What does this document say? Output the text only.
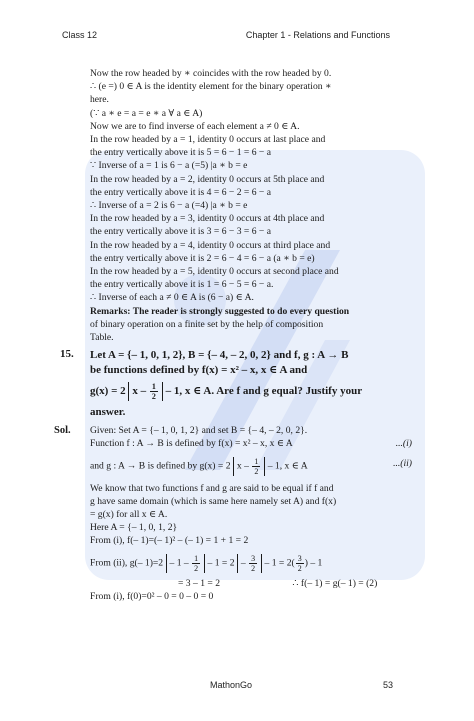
Class 12	Chapter 1 - Relations and Functions

Now the row headed by ∗ coincides with the row headed by 0.

∴ (e =) 0 ∈ A is the identity element for the binary operation ∗

here.

(∵ a ∗ e = a = e ∗ a ∀ a ∈ A)

Now we are to find inverse of each element a ≠ 0 ∈ A.

In the row headed by a = 1, identity 0 occurs at last place and

the entry vertically above it is 5 = 6 − 1 = 6 − a

∵ Inverse of a = 1 is 6 − a (=5) |a ∗ b = e

In the row headed by a = 2, identity 0 occurs at 5th place and

the entry vertically above it is 4 = 6 − 2 = 6 − a

∴ Inverse of a = 2 is 6 − a (=4) |a ∗ b = e

In the row headed by a = 3, identity 0 occurs at 4th place and

the entry vertically above it is 3 = 6 − 3 = 6 − a

In the row headed by a = 4, identity 0 occurs at third place and

the entry vertically above it is 2 = 6 − 4 = 6 − a (a ∗ b = e)

In the row headed by a = 5, identity 0 occurs at second place and

the entry vertically above it is 1 = 6 − 5 = 6 − a.

∴ Inverse of each a ≠ 0 ∈ A is (6 − a) ∈ A.

Remarks: The reader is strongly suggested to do every question

of binary operation on a finite set by the help of composition

Table.

15. Let A = {– 1, 0, 1, 2}, B = {– 4, – 2, 0, 2} and f, g : A → B

be functions defined by f(x) = x² – x, x ∈ A and

g(x) = 2 x – $\frac{1}{2} - 1$, x ∈ A. Are f and g equal? Justify your

answer.

Sol. Given: Set A = {– 1, 0, 1, 2} and set B = {– 4, – 2, 0, 2}.

Function f : A → B is defined by f(x) = x² – x, x ∈ A	...(i)

and g : A → B is defined by g(x) = 2 x – $\frac{1}{2} - 1$, x ∈ A	...(ii)

We know that two functions f and g are said to be equal if f and

g have same domain (which is same here namely set A) and f(x)

= g(x) for all x ∈ A.

Here A = {– 1, 0, 1, 2}

From (i), f(– 1)=(– 1)² – (– 1) = 1 + 1 = 2

From (ii), g(– $1)=2 - 1 - \frac{1}{2} - 1 = 2 - \frac{3}{2} - 1 = 2( \frac{3}{2}$ ) – 1

= 3 – 1 = 2	∴ f(– 1) = g(– 1) = (2)

From (i), f(0)=0² – 0 = 0 – 0 = 0

MathonGo	53
